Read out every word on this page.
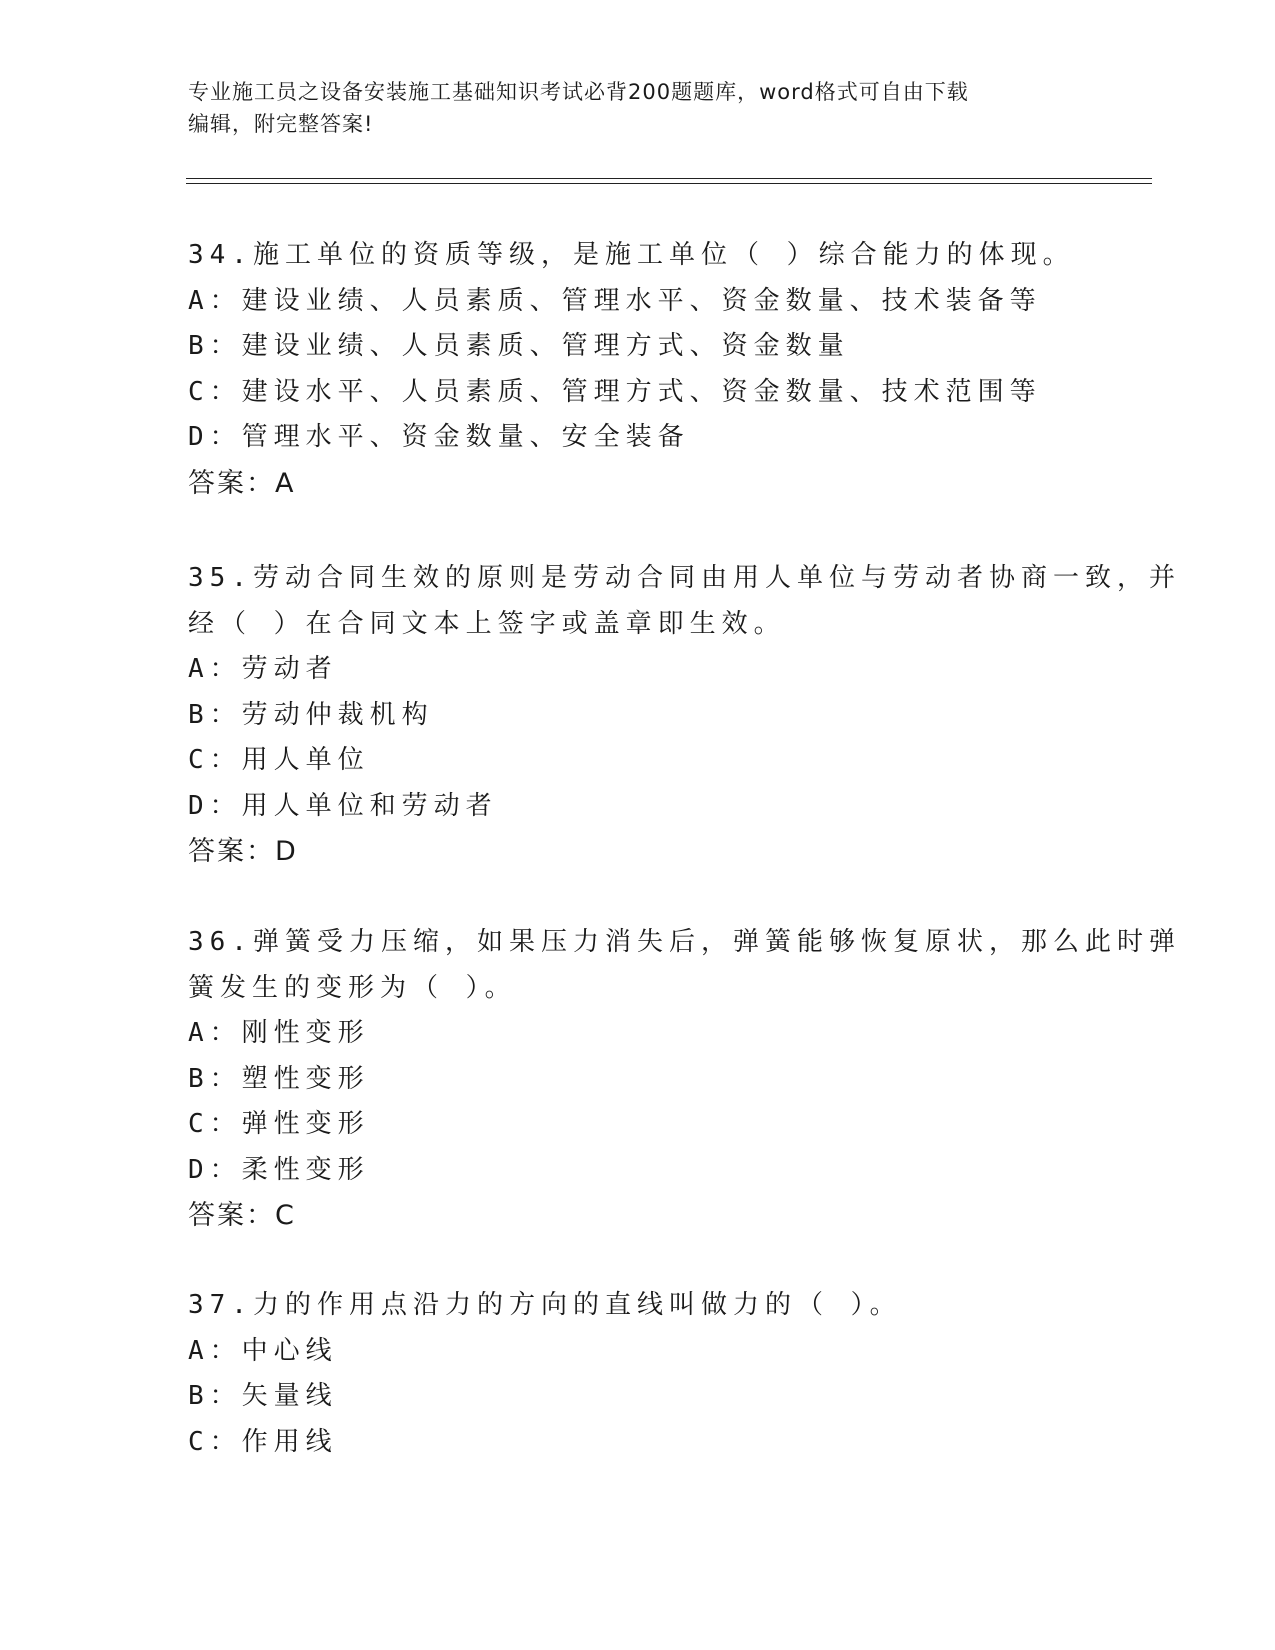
专业施工员之设备安装施工基础知识考试必背200题题库，word格式可自由下载
编辑，附完整答案!
34.施工单位的资质等级，是施工单位（ ）综合能力的体现。
A：建设业绩、人员素质、管理水平、资金数量、技术装备等
B：建设业绩、人员素质、管理方式、资金数量
C：建设水平、人员素质、管理方式、资金数量、技术范围等
D：管理水平、资金数量、安全装备
答案：A
35.劳动合同生效的原则是劳动合同由用人单位与劳动者协商一致，并
经（ ）在合同文本上签字或盖章即生效。
A：劳动者
B：劳动仲裁机构
C：用人单位
D：用人单位和劳动者
答案：D
36.弹簧受力压缩，如果压力消失后，弹簧能够恢复原状，那么此时弹
簧发生的变形为（ ）。
A：刚性变形
B：塑性变形
C：弹性变形
D：柔性变形
答案：C
37.力的作用点沿力的方向的直线叫做力的（ ）。
A：中心线
B：矢量线
C：作用线
